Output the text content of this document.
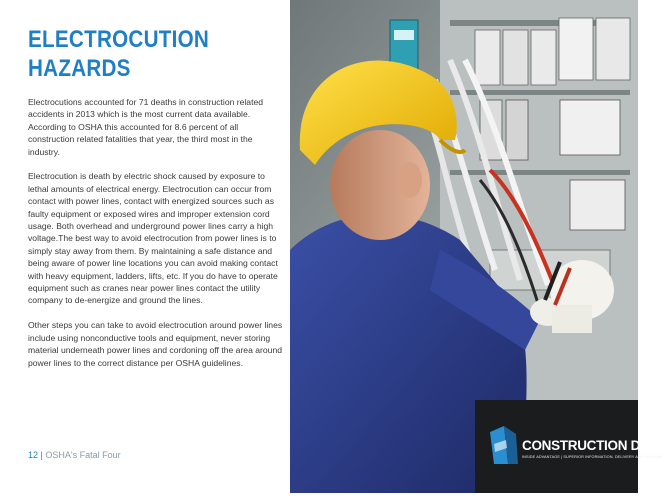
ELECTROCUTION
HAZARDS

Electrocutions accounted for 71 deaths in construction related accidents in 2013 which is the most current data available. According to OSHA this accounted for 8.6 percent of all construction related fatalities that year, the third most in the industry.

Electrocution is death by electric shock caused by exposure to lethal amounts of electrical energy. Electrocution can occur from contact with power lines, contact with energized sources such as faulty equipment or exposed wires and improper extension cord usage. Both overhead and underground power lines carry a high voltage.The best way to avoid electrocution from power lines is to simply stay away from them. By maintaining a safe distance and being aware of power line locations you can avoid making contact with heavy equipment, ladders, lifts, etc. If you do have to operate equipment such as cranes near power lines contact the utility company to de-energize and ground the lines.

Other steps you can take to avoid electrocution around power lines include using nonconductive tools and equipment, never storing material underneath power lines and cordoning off the area around power lines to the correct distance per OSHA guidelines.

12 | OSHA's Fatal Four
CONSTRUCTION DATA
INSIDE ADVANTAGE | SUPERIOR INFORMATION, DELIVERY AND SUPPORT
